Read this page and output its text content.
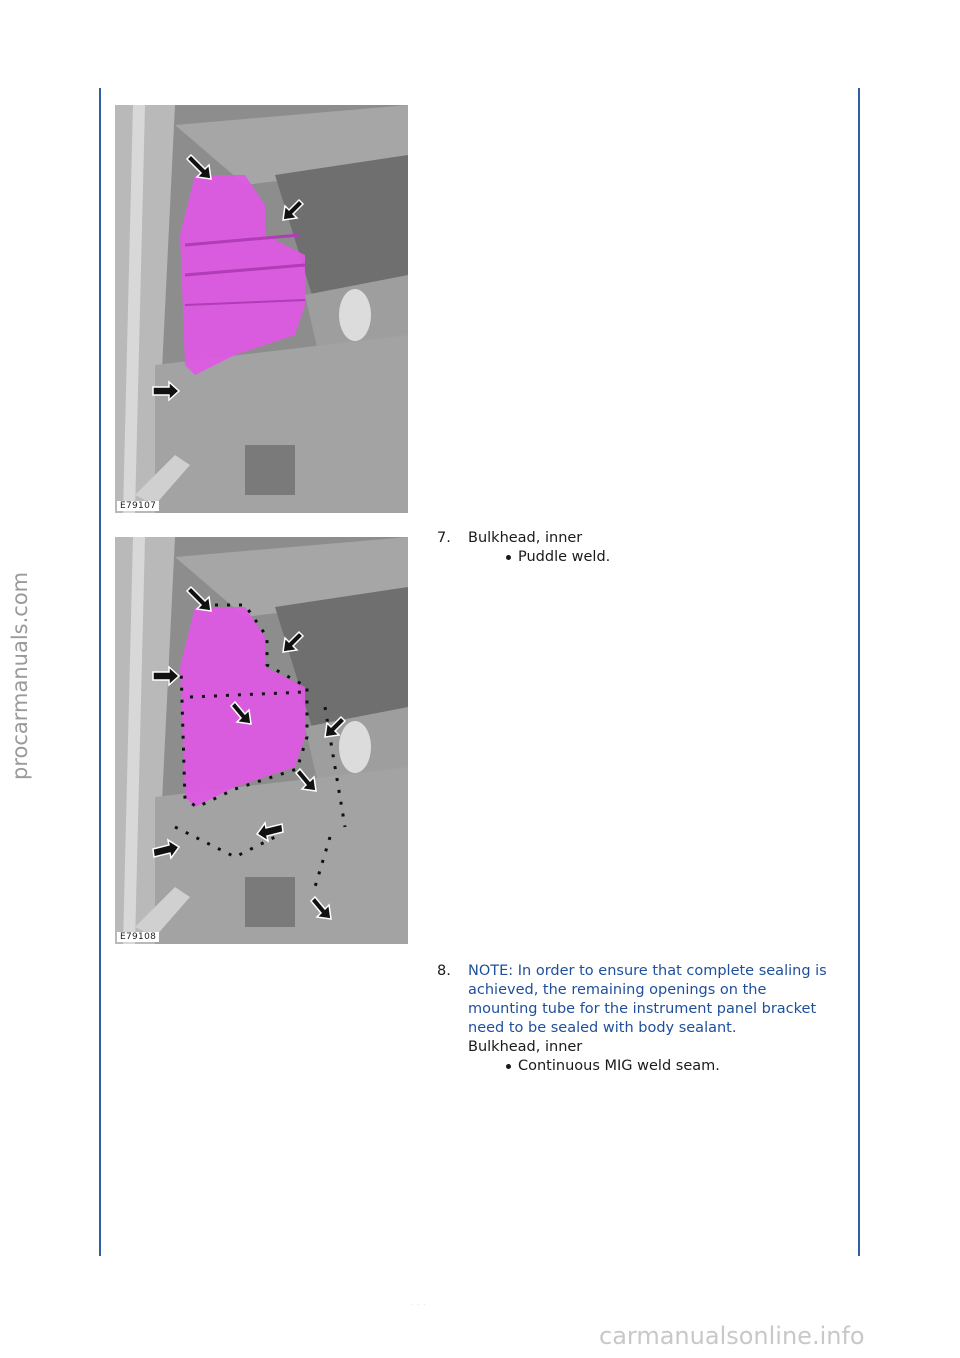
E79107
E79108
7.	Bulkhead, inner
Puddle weld.
8.	NOTE: In order to ensure that complete sealing is achieved, the remaining openings on the mounting tube for the instrument panel bracket need to be sealed with body sealant.
Bulkhead, inner
Continuous MIG weld seam.
procarmanuals.com
· · ·
carmanualsonline.info
